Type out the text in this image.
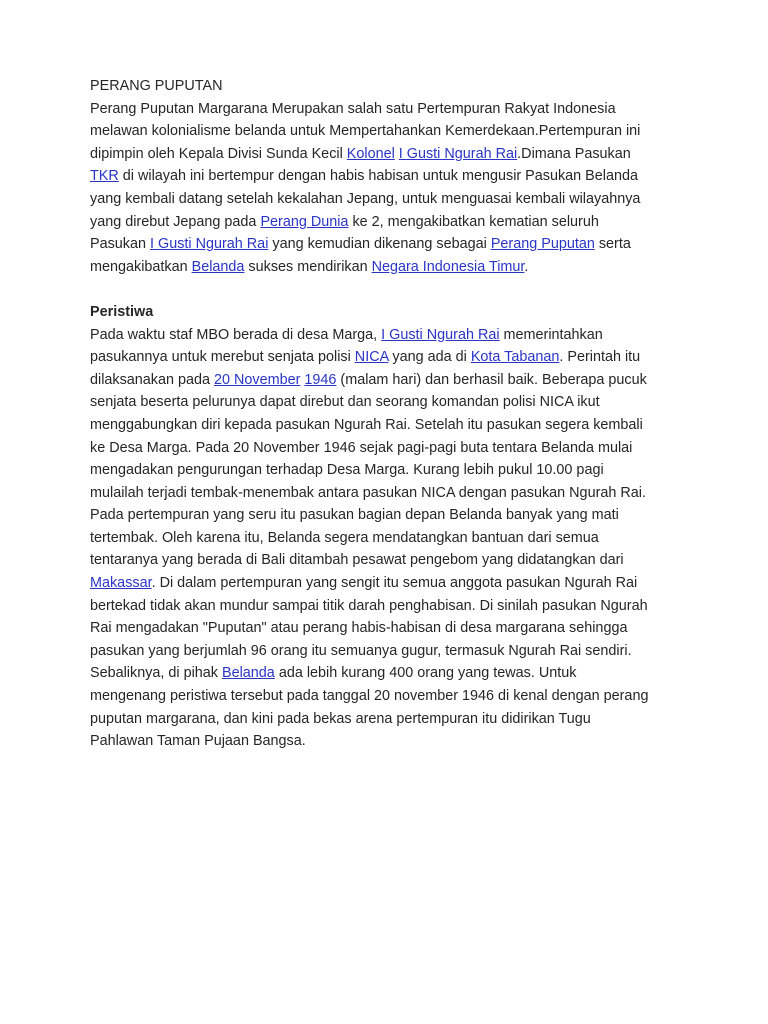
PERANG PUPUTAN

Perang Puputan Margarana Merupakan salah satu Pertempuran Rakyat Indonesia

melawan kolonialisme belanda untuk Mempertahankan Kemerdekaan.Pertempuran ini

dipimpin oleh Kepala Divisi Sunda Kecil Kolonel I Gusti Ngurah Rai.Dimana Pasukan

TKR di wilayah ini bertempur dengan habis habisan untuk mengusir Pasukan Belanda

yang kembali datang setelah kekalahan Jepang, untuk menguasai kembali wilayahnya

yang direbut Jepang pada Perang Dunia ke 2, mengakibatkan kematian seluruh

Pasukan I Gusti Ngurah Rai yang kemudian dikenang sebagai Perang Puputan serta

mengakibatkan Belanda sukses mendirikan Negara Indonesia Timur.

Peristiwa

Pada waktu staf MBO berada di desa Marga, I Gusti Ngurah Rai memerintahkan

pasukannya untuk merebut senjata polisi NICA yang ada di Kota Tabanan. Perintah itu

dilaksanakan pada 20 November 1946 (malam hari) dan berhasil baik. Beberapa pucuk

senjata beserta pelurunya dapat direbut dan seorang komandan polisi NICA ikut

menggabungkan diri kepada pasukan Ngurah Rai. Setelah itu pasukan segera kembali

ke Desa Marga. Pada 20 November 1946 sejak pagi-pagi buta tentara Belanda mulai

mengadakan pengurungan terhadap Desa Marga. Kurang lebih pukul 10.00 pagi

mulailah terjadi tembak-menembak antara pasukan NICA dengan pasukan Ngurah Rai.

Pada pertempuran yang seru itu pasukan bagian depan Belanda banyak yang mati

tertembak. Oleh karena itu, Belanda segera mendatangkan bantuan dari semua

tentaranya yang berada di Bali ditambah pesawat pengebom yang didatangkan dari

Makassar. Di dalam pertempuran yang sengit itu semua anggota pasukan Ngurah Rai

bertekad tidak akan mundur sampai titik darah penghabisan. Di sinilah pasukan Ngurah

Rai mengadakan "Puputan" atau perang habis-habisan di desa margarana sehingga

pasukan yang berjumlah 96 orang itu semuanya gugur, termasuk Ngurah Rai sendiri.

Sebaliknya, di pihak Belanda ada lebih kurang 400 orang yang tewas. Untuk

mengenang peristiwa tersebut pada tanggal 20 november 1946 di kenal dengan perang

puputan margarana, dan kini pada bekas arena pertempuran itu didirikan Tugu

Pahlawan Taman Pujaan Bangsa.
